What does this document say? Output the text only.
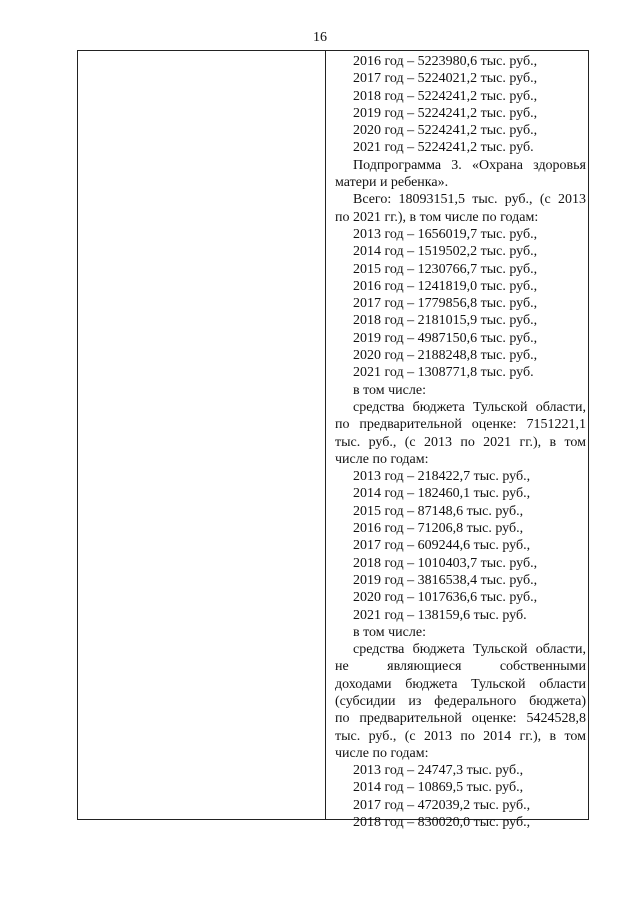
16
2016 год – 5223980,6 тыс. руб.,
2017 год – 5224021,2 тыс. руб.,
2018 год – 5224241,2 тыс. руб.,
2019 год – 5224241,2 тыс. руб.,
2020 год – 5224241,2 тыс. руб.,
2021 год – 5224241,2 тыс. руб.
Подпрограмма 3. «Охрана здоровья
матери и ребенка».
Всего: 18093151,5 тыс. руб., (с 2013
по 2021 гг.), в том числе по годам:
2013 год – 1656019,7 тыс. руб.,
2014 год – 1519502,2 тыс. руб.,
2015 год – 1230766,7 тыс. руб.,
2016 год – 1241819,0 тыс. руб.,
2017 год – 1779856,8 тыс. руб.,
2018 год – 2181015,9 тыс. руб.,
2019 год – 4987150,6 тыс. руб.,
2020 год – 2188248,8 тыс. руб.,
2021 год – 1308771,8 тыс. руб.
в том числе:
средства бюджета Тульской области,
по предварительной оценке: 7151221,1
тыс. руб., (с 2013 по 2021 гг.), в том
числе по годам:
2013 год – 218422,7 тыс. руб.,
2014 год – 182460,1 тыс. руб.,
2015 год – 87148,6 тыс. руб.,
2016 год – 71206,8 тыс. руб.,
2017 год – 609244,6 тыс. руб.,
2018 год – 1010403,7 тыс. руб.,
2019 год – 3816538,4 тыс. руб.,
2020 год – 1017636,6 тыс. руб.,
2021 год – 138159,6 тыс. руб.
в том числе:
средства бюджета Тульской области,
не являющиеся собственными
доходами бюджета Тульской области
(субсидии из федерального бюджета)
по предварительной оценке: 5424528,8
тыс. руб., (с 2013 по 2014 гг.), в том
числе по годам:
2013 год – 24747,3 тыс. руб.,
2014 год – 10869,5 тыс. руб.,
2017 год – 472039,2 тыс. руб.,
2018 год – 830020,0 тыс. руб.,
